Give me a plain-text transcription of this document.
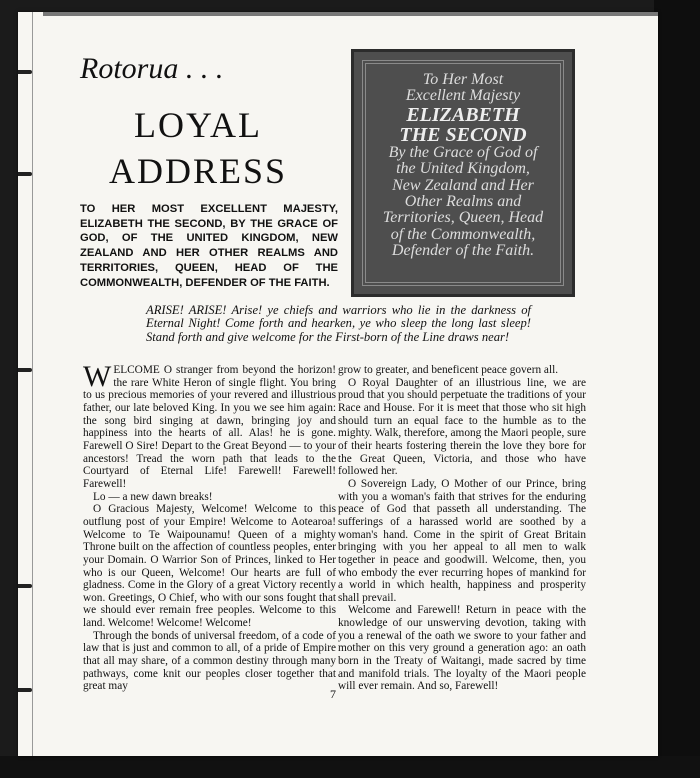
Rotorua . . .
LOYAL
ADDRESS
TO HER MOST EXCELLENT MAJESTY, ELIZABETH THE SECOND, BY THE GRACE OF GOD, OF THE UNITED KINGDOM, NEW ZEALAND AND HER OTHER REALMS AND TERRITORIES, QUEEN, HEAD OF THE COMMONWEALTH, DEFENDER OF THE FAITH.
To Her Most
Excellent Majesty
ELIZABETH
THE SECOND
By the Grace of God of
the United Kingdom,
New Zealand and Her
Other Realms and
Territories, Queen, Head
of the Commonwealth,
Defender of the Faith.
ARISE! ARISE! Arise! ye chiefs and warriors who lie in the darkness of Eternal Night! Come forth and hearken, ye who sleep the long last sleep! Stand forth and give welcome for the First-born of the Line draws near!

WELCOME O stranger from beyond the horizon! the rare White Heron of single flight. You bring to us precious memories of your revered and illustrious father, our late beloved King. In you we see him again: the song bird singing at dawn, bringing joy and happiness into the hearts of all. Alas! he is gone. Farewell O Sire! Depart to the Great Beyond — to your ancestors! Tread the worn path that leads to the Courtyard of Eternal Life! Farewell! Farewell! Farewell!

Lo — a new dawn breaks!

O Gracious Majesty, Welcome! Welcome to this outflung post of your Empire! Welcome to Aotearoa! Welcome to Te Waipounamu! Queen of a mighty Throne built on the affection of countless peoples, enter your Domain. O Warrior Son of Princes, linked to Her who is our Queen, Welcome! Our hearts are full of gladness. Come in the Glory of a great Victory recently won. Greetings, O Chief, who with our sons fought that we should ever remain free peoples. Welcome to this land. Welcome! Welcome! Welcome!

Through the bonds of universal freedom, of a code of law that is just and common to all, of a pride of Empire that all may share, of a common destiny through many pathways, come knit our peoples closer together that great may

grow to greater, and beneficent peace govern all.

O Royal Daughter of an illustrious line, we are proud that you should perpetuate the traditions of your Race and House. For it is meet that those who sit high should turn an equal face to the humble as to the mighty. Walk, therefore, among the Maori people, sure of their hearts fostering therein the love they bore for the Great Queen, Victoria, and those who have followed her.

O Sovereign Lady, O Mother of our Prince, bring with you a woman's faith that strives for the enduring peace of God that passeth all understanding. The sufferings of a harassed world are soothed by a woman's hand. Come in the spirit of Great Britain bringing with you her appeal to all men to walk together in peace and goodwill. Welcome, then, you who embody the ever recurring hopes of mankind for a world in which health, happiness and prosperity shall prevail.

Welcome and Farewell! Return in peace with the knowledge of our unswerving devotion, taking with you a renewal of the oath we swore to your father and mother on this very ground a generation ago: an oath born in the Treaty of Waitangi, made sacred by time and manifold trials. The loyalty of the Maori people will ever remain. And so, Farewell!

7
